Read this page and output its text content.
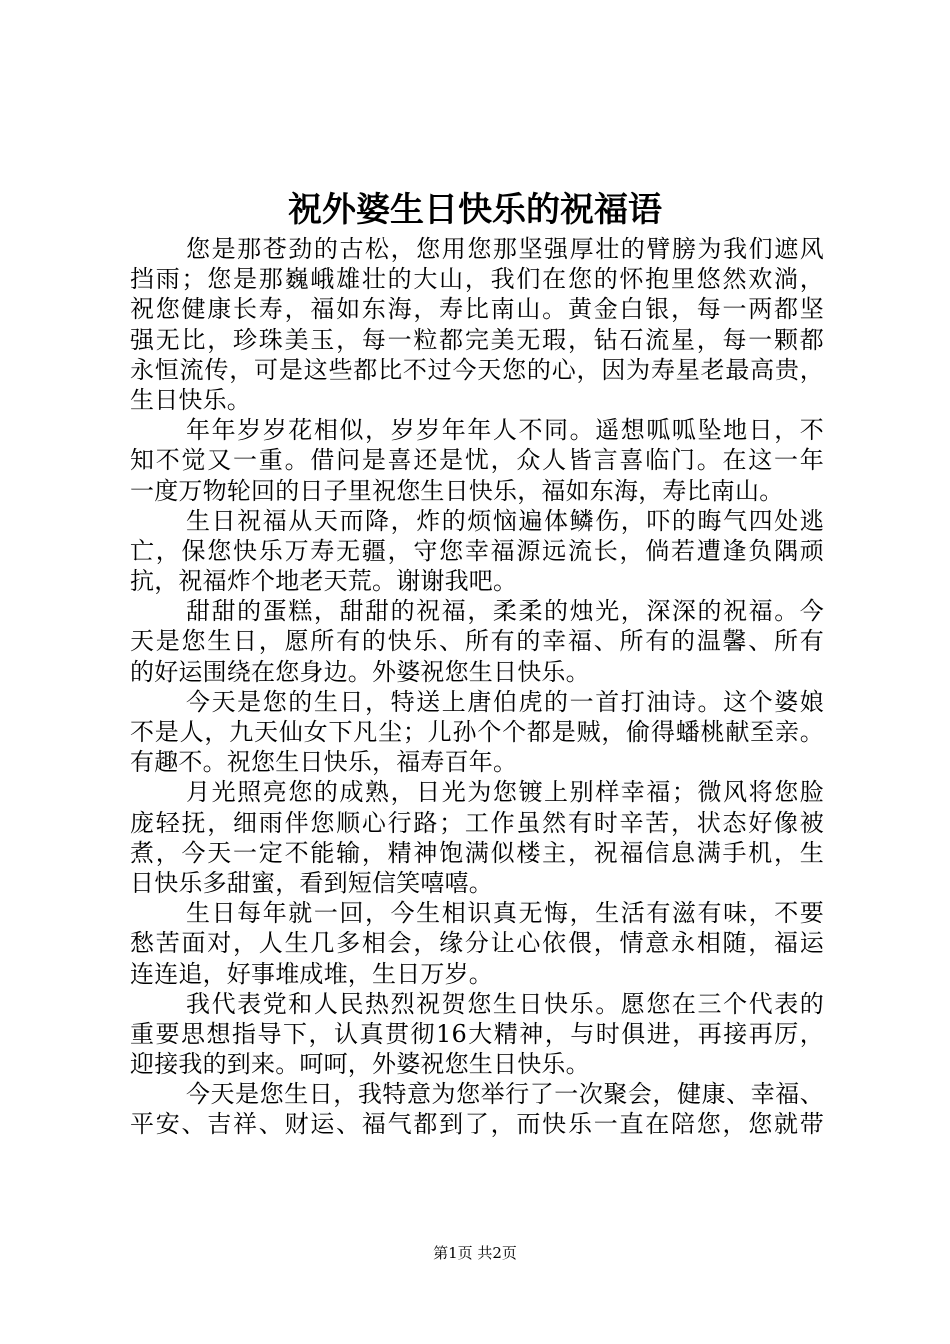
祝外婆生日快乐的祝福语
您是那苍劲的古松，您用您那坚强厚壮的臂膀为我们遮风
挡雨；您是那巍峨雄壮的大山，我们在您的怀抱里悠然欢淌，
祝您健康长寿，福如东海，寿比南山。黄金白银，每一两都坚
强无比，珍珠美玉，每一粒都完美无瑕，钻石流星，每一颗都
永恒流传，可是这些都比不过今天您的心，因为寿星老最高贵，
生日快乐。
年年岁岁花相似，岁岁年年人不同。遥想呱呱坠地日，不
知不觉又一重。借问是喜还是忧，众人皆言喜临门。在这一年
一度万物轮回的日子里祝您生日快乐，福如东海，寿比南山。
生日祝福从天而降，炸的烦恼遍体鳞伤，吓的晦气四处逃
亡，保您快乐万寿无疆，守您幸福源远流长，倘若遭逢负隅顽
抗，祝福炸个地老天荒。谢谢我吧。
甜甜的蛋糕，甜甜的祝福，柔柔的烛光，深深的祝福。今
天是您生日，愿所有的快乐、所有的幸福、所有的温馨、所有
的好运围绕在您身边。外婆祝您生日快乐。
今天是您的生日，特送上唐伯虎的一首打油诗。这个婆娘
不是人，九天仙女下凡尘；儿孙个个都是贼，偷得蟠桃献至亲。
有趣不。祝您生日快乐，福寿百年。
月光照亮您的成熟，日光为您镀上别样幸福；微风将您脸
庞轻抚，细雨伴您顺心行路；工作虽然有时辛苦，状态好像被
煮，今天一定不能输，精神饱满似楼主，祝福信息满手机，生
日快乐多甜蜜，看到短信笑嘻嘻。
生日每年就一回，今生相识真无悔，生活有滋有味，不要
愁苦面对，人生几多相会，缘分让心依偎，情意永相随，福运
连连追，好事堆成堆，生日万岁。
我代表党和人民热烈祝贺您生日快乐。愿您在三个代表的
重要思想指导下，认真贯彻16大精神，与时俱进，再接再厉，
迎接我的到来。呵呵，外婆祝您生日快乐。
今天是您生日，我特意为您举行了一次聚会，健康、幸福、
平安、吉祥、财运、福气都到了，而快乐一直在陪您，您就带
第1页 共2页
